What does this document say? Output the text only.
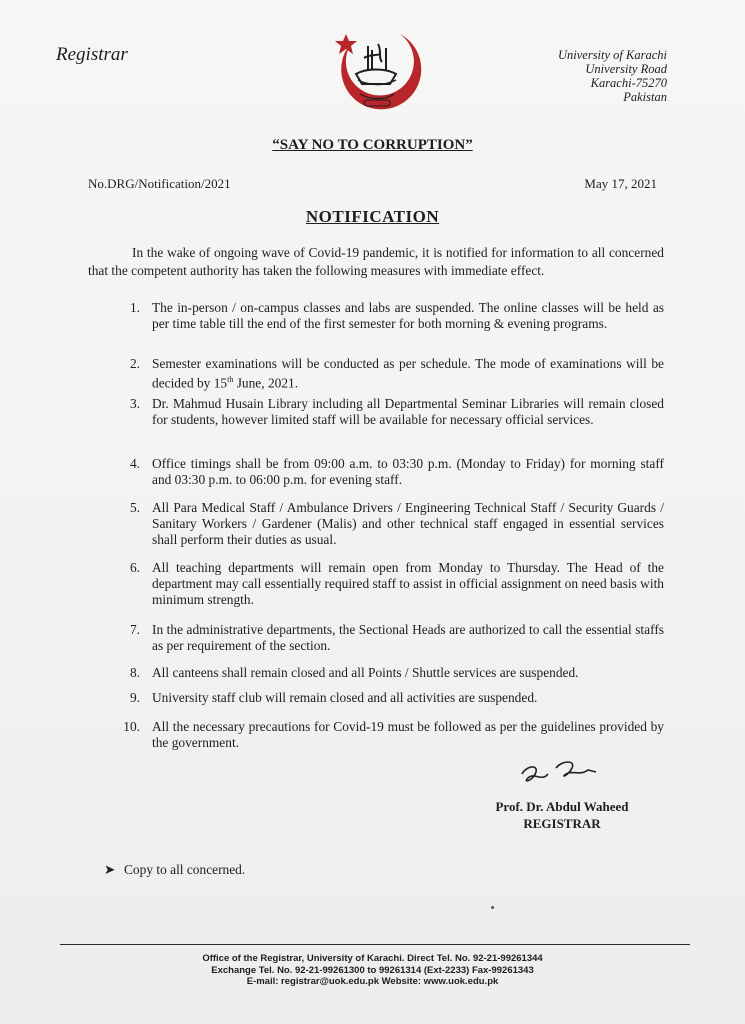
Registrar	University of Karachi
University Road
Karachi-75270
Pakistan
“SAY NO TO CORRUPTION”
No.DRG/Notification/2021	May 17, 2021
NOTIFICATION
In the wake of ongoing wave of Covid-19 pandemic, it is notified for information to all concerned that the competent authority has taken the following measures with immediate effect.
1. The in-person / on-campus classes and labs are suspended. The online classes will be held as per time table till the end of the first semester for both morning & evening programs.
2. Semester examinations will be conducted as per schedule. The mode of examinations will be decided by 15th June, 2021.
3. Dr. Mahmud Husain Library including all Departmental Seminar Libraries will remain closed for students, however limited staff will be available for necessary official services.
4. Office timings shall be from 09:00 a.m. to 03:30 p.m. (Monday to Friday) for morning staff and 03:30 p.m. to 06:00 p.m. for evening staff.
5. All Para Medical Staff / Ambulance Drivers / Engineering Technical Staff / Security Guards / Sanitary Workers / Gardener (Malis) and other technical staff engaged in essential services shall perform their duties as usual.
6. All teaching departments will remain open from Monday to Thursday. The Head of the department may call essentially required staff to assist in official assignment on need basis with minimum strength.
7. In the administrative departments, the Sectional Heads are authorized to call the essential staffs as per requirement of the section.
8. All canteens shall remain closed and all Points / Shuttle services are suspended.
9. University staff club will remain closed and all activities are suspended.
10. All the necessary precautions for Covid-19 must be followed as per the guidelines provided by the government.
Prof. Dr. Abdul Waheed
REGISTRAR
➤ Copy to all concerned.
Office of the Registrar, University of Karachi. Direct Tel. No. 92-21-99261344
Exchange Tel. No. 92-21-99261300 to 99261314 (Ext-2233) Fax-99261343
E-mail: registrar@uok.edu.pk Website: www.uok.edu.pk
